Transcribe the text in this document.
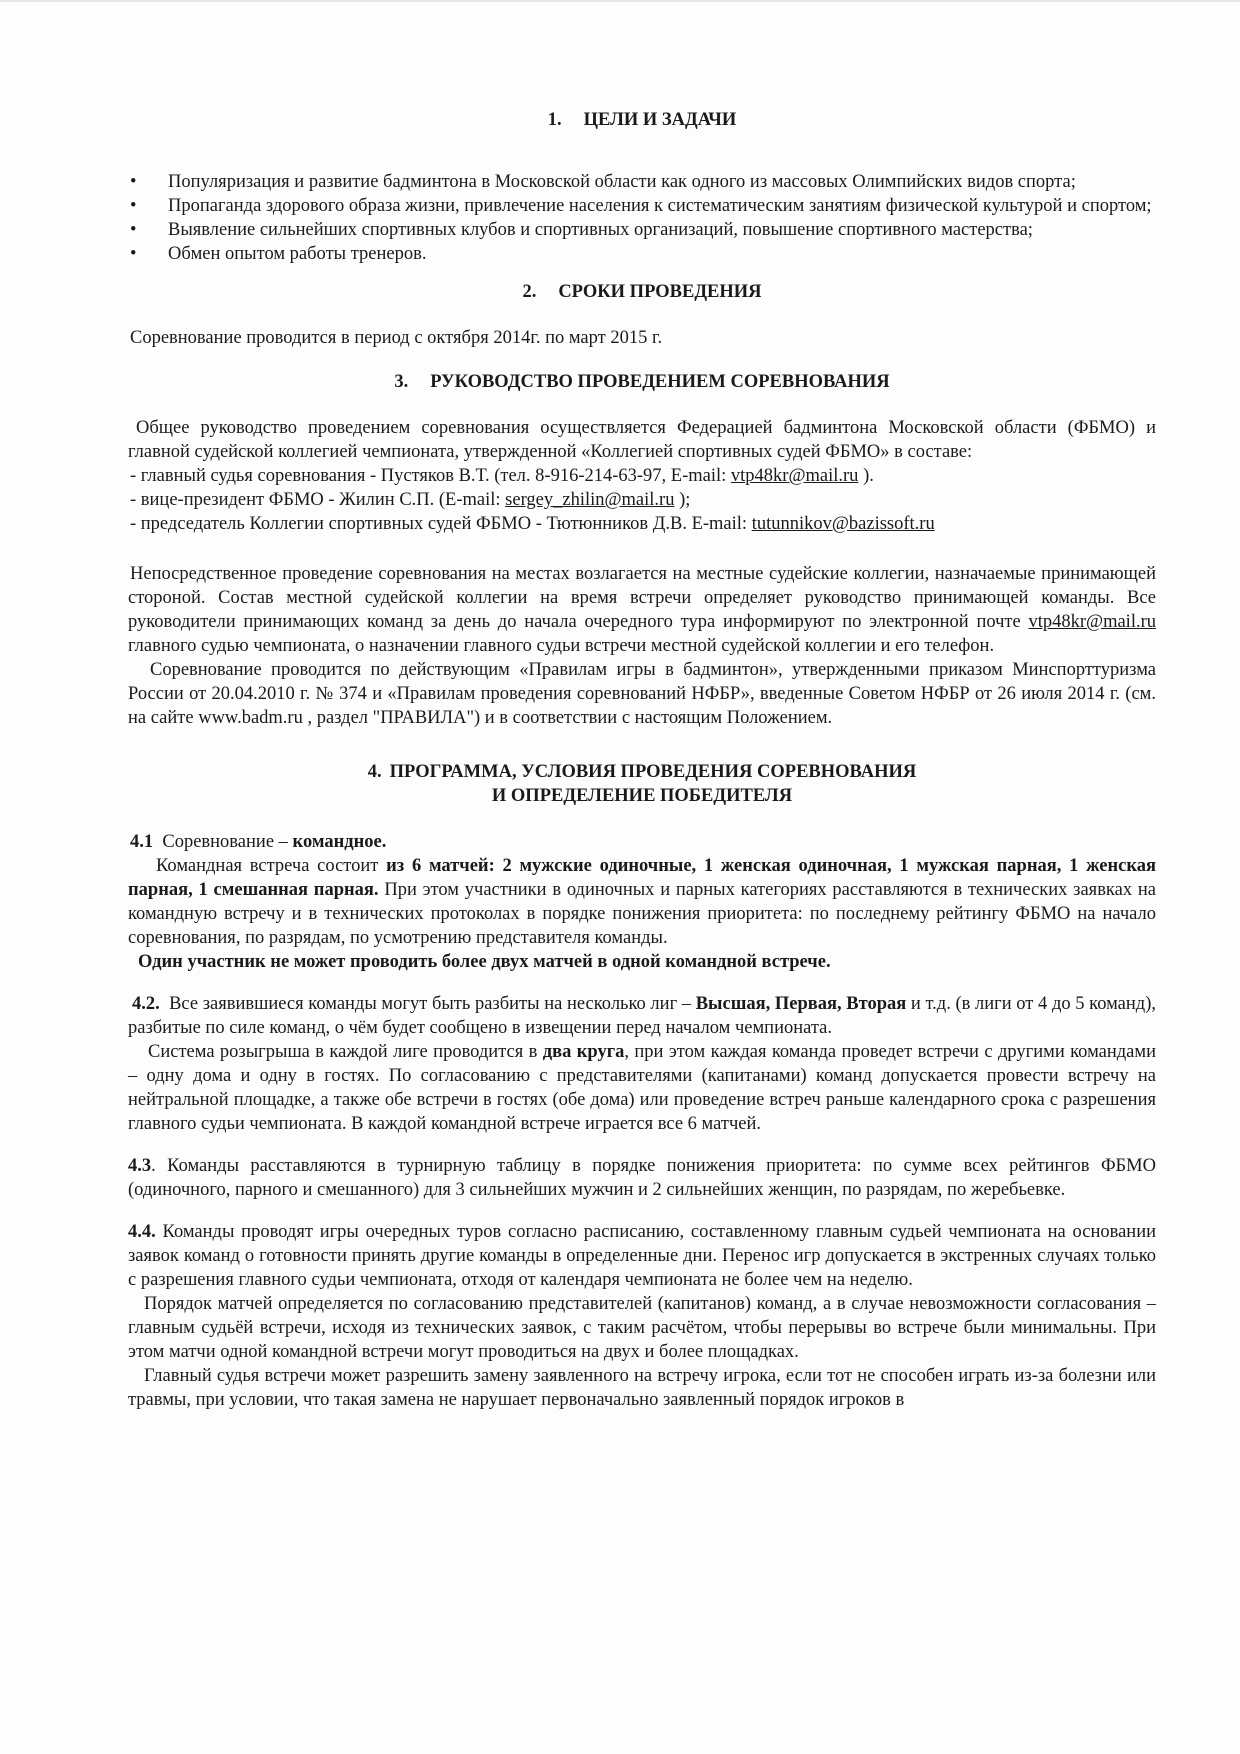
1. ЦЕЛИ И ЗАДАЧИ
•	Популяризация и развитие бадминтона в Московской области как одного из массовых Олимпийских видов спорта;
•	Пропаганда здорового образа жизни, привлечение населения к систематическим занятиям физической культурой и спортом;
•	Выявление сильнейших спортивных клубов и спортивных организаций, повышение спортивного мастерства;
•	Обмен опытом работы тренеров.
2. СРОКИ ПРОВЕДЕНИЯ

Соревнование проводится в период с октября 2014г. по март 2015 г.

3. РУКОВОДСТВО ПРОВЕДЕНИЕМ СОРЕВНОВАНИЯ

Общее руководство проведением соревнования осуществляется Федерацией бадминтона Московской области (ФБМО) и главной судейской коллегией чемпионата, утвержденной «Коллегией спортивных судей ФБМО» в составе:

- главный судья соревнования - Пустяков В.Т. (тел. 8-916-214-63-97, E-mail: vtp48kr@mail.ru ).

- вице-президент ФБМО - Жилин С.П. (E-mail: sergey_zhilin@mail.ru );

- председатель Коллегии спортивных судей ФБМО - Тютюнников Д.В. E-mail: tutunnikov@bazissoft.ru

Непосредственное проведение соревнования на местах возлагается на местные судейские коллегии, назначаемые принимающей стороной. Состав местной судейской коллегии на время встречи определяет руководство принимающей команды. Все руководители принимающих команд за день до начала очередного тура информируют по электронной почте vtp48kr@mail.ru главного судью чемпионата, о назначении главного судьи встречи местной судейской коллегии и его телефон.

Соревнование проводится по действующим «Правилам игры в бадминтон», утвержденными приказом Минспорттуризма России от 20.04.2010 г. № 374 и «Правилам проведения соревнований НФБР», введенные Советом НФБР от 26 июля 2014 г. (см. на сайте www.badm.ru , раздел "ПРАВИЛА") и в соответствии с настоящим Положением.

4. ПРОГРАММА, УСЛОВИЯ ПРОВЕДЕНИЯ СОРЕВНОВАНИЯ
И ОПРЕДЕЛЕНИЕ ПОБЕДИТЕЛЯ

4.1 Соревнование – командное.

Командная встреча состоит из 6 матчей: 2 мужские одиночные, 1 женская одиночная, 1 мужская парная, 1 женская парная, 1 смешанная парная. При этом участники в одиночных и парных категориях расставляются в технических заявках на командную встречу и в технических протоколах в порядке понижения приоритета: по последнему рейтингу ФБМО на начало соревнования, по разрядам, по усмотрению представителя команды.

Один участник не может проводить более двух матчей в одной командной встрече.

4.2. Все заявившиеся команды могут быть разбиты на несколько лиг – Высшая, Первая, Вторая и т.д. (в лиги от 4 до 5 команд), разбитые по силе команд, о чём будет сообщено в извещении перед началом чемпионата.

Система розыгрыша в каждой лиге проводится в два круга, при этом каждая команда проведет встречи с другими командами – одну дома и одну в гостях. По согласованию с представителями (капитанами) команд допускается провести встречу на нейтральной площадке, а также обе встречи в гостях (обе дома) или проведение встреч раньше календарного срока с разрешения главного судьи чемпионата. В каждой командной встрече играется все 6 матчей.

4.3. Команды расставляются в турнирную таблицу в порядке понижения приоритета: по сумме всех рейтингов ФБМО (одиночного, парного и смешанного) для 3 сильнейших мужчин и 2 сильнейших женщин, по разрядам, по жеребьевке.

4.4. Команды проводят игры очередных туров согласно расписанию, составленному главным судьей чемпионата на основании заявок команд о готовности принять другие команды в определенные дни. Перенос игр допускается в экстренных случаях только с разрешения главного судьи чемпионата, отходя от календаря чемпионата не более чем на неделю.

Порядок матчей определяется по согласованию представителей (капитанов) команд, а в случае невозможности согласования – главным судьёй встречи, исходя из технических заявок, с таким расчётом, чтобы перерывы во встрече были минимальны. При этом матчи одной командной встречи могут проводиться на двух и более площадках.

Главный судья встречи может разрешить замену заявленного на встречу игрока, если тот не способен играть из-за болезни или травмы, при условии, что такая замена не нарушает первоначально заявленный порядок игроков в
